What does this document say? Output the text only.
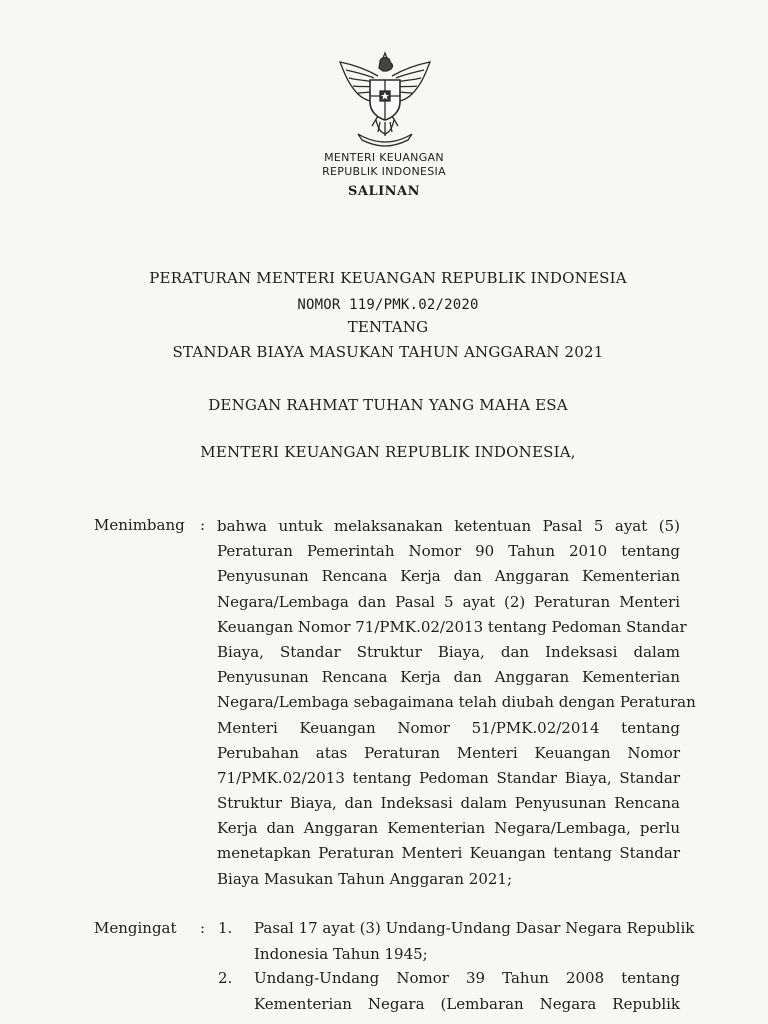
· · · · ·
MENTERI KEUANGAN
REPUBLIK INDONESIA
SALINAN
PERATURAN MENTERI KEUANGAN REPUBLIK INDONESIA
NOMOR 119/PMK.02/2020
TENTANG
STANDAR BIAYA MASUKAN TAHUN ANGGARAN 2021
DENGAN RAHMAT TUHAN YANG MAHA ESA
MENTERI KEUANGAN REPUBLIK INDONESIA,
Menimbang : bahwa untuk melaksanakan ketentuan Pasal 5 ayat (5)
Peraturan Pemerintah Nomor 90 Tahun 2010 tentang
Penyusunan Rencana Kerja dan Anggaran Kementerian
Negara/Lembaga dan Pasal 5 ayat (2) Peraturan Menteri
Keuangan Nomor 71/PMK.02/2013 tentang Pedoman Standar
Biaya, Standar Struktur Biaya, dan Indeksasi dalam
Penyusunan Rencana Kerja dan Anggaran Kementerian
Negara/Lembaga sebagaimana telah diubah dengan Peraturan
Menteri Keuangan Nomor 51/PMK.02/2014 tentang
Perubahan atas Peraturan Menteri Keuangan Nomor
71/PMK.02/2013 tentang Pedoman Standar Biaya, Standar
Struktur Biaya, dan Indeksasi dalam Penyusunan Rencana
Kerja dan Anggaran Kementerian Negara/Lembaga, perlu
menetapkan Peraturan Menteri Keuangan tentang Standar
Biaya Masukan Tahun Anggaran 2021;
Mengingat : 1. Pasal 17 ayat (3) Undang-Undang Dasar Negara Republik
Indonesia Tahun 1945;
2. Undang-Undang Nomor 39 Tahun 2008 tentang
Kementerian Negara (Lembaran Negara Republik
